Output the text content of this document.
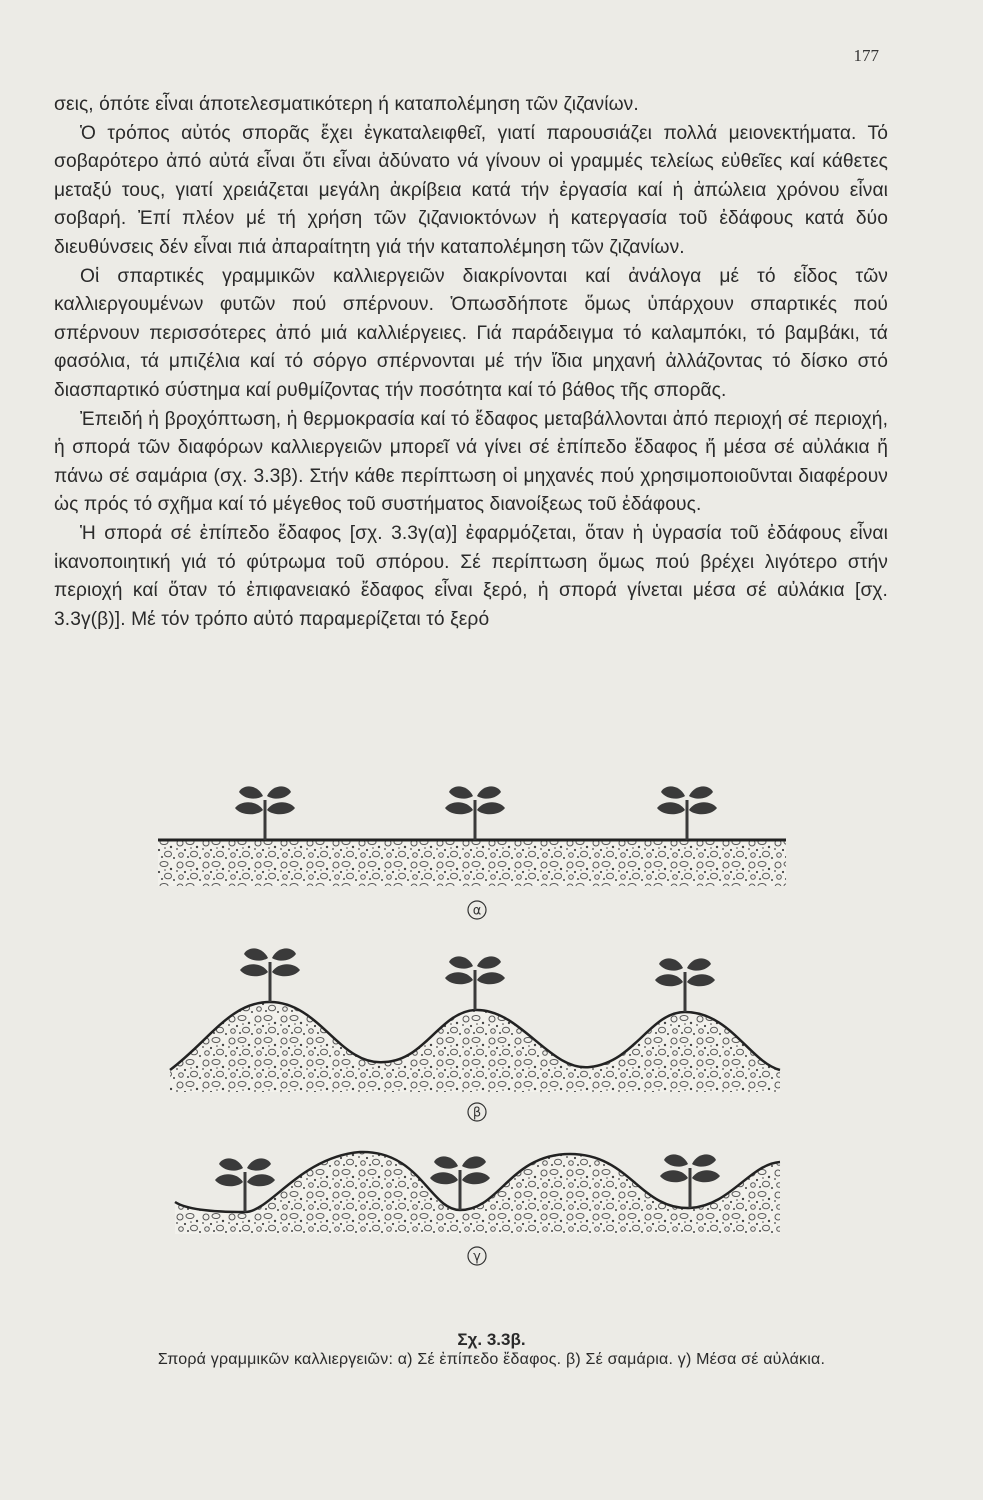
177

σεις, όπότε εἶναι άποτελεσματικότερη ή καταπολέμηση τῶν ζιζανίων.

Ὁ τρόπος αὐτός σπορᾶς ἔχει ἐγκαταλειφθεῖ, γιατί παρουσιάζει πολλά μειονεκτήματα. Τό σοβαρότερο ἀπό αὐτά εἶναι ὅτι εἶναι ἀδύνατο νά γίνουν οἱ γραμμές τελείως εὐθεῖες καί κάθετες μεταξύ τους, γιατί χρειάζεται μεγάλη ἀκρίβεια κατά τήν ἐργασία καί ἡ ἀπώλεια χρόνου εἶναι σοβαρή. Ἐπί πλέον μέ τή χρήση τῶν ζιζανιοκτόνων ἡ κατεργασία τοῦ ἐδάφους κατά δύο διευθύνσεις δέν εἶναι πιά ἀπαραίτητη γιά τήν καταπολέμηση τῶν ζιζανίων.

Οἱ σπαρτικές γραμμικῶν καλλιεργειῶν διακρίνονται καί ἀνάλογα μέ τό εἶδος τῶν καλλιεργουμένων φυτῶν πού σπέρνουν. Ὁπωσδήποτε ὅμως ὑπάρχουν σπαρτικές πού σπέρνουν περισσότερες ἀπό μιά καλλιέργειες. Γιά παράδειγμα τό καλαμπόκι, τό βαμβάκι, τά φασόλια, τά μπιζέλια καί τό σόργο σπέρνονται μέ τήν ἴδια μηχανή ἀλλάζοντας τό δίσκο στό διασπαρτικό σύστημα καί ρυθμίζοντας τήν ποσότητα καί τό βάθος τῆς σπορᾶς.

Ἐπειδή ἡ βροχόπτωση, ἡ θερμοκρασία καί τό ἔδαφος μεταβάλλονται ἀπό περιοχή σέ περιοχή, ἡ σπορά τῶν διαφόρων καλλιεργειῶν μπορεῖ νά γίνει σέ ἐπίπεδο ἔδαφος ἤ μέσα σέ αὐλάκια ἤ πάνω σέ σαμάρια (σχ. 3.3β). Στήν κάθε περίπτωση οἱ μηχανές πού χρησιμοποιοῦνται διαφέρουν ὡς πρός τό σχῆμα καί τό μέγεθος τοῦ συστήματος διανοίξεως τοῦ ἐδάφους.

Ἡ σπορά σέ ἐπίπεδο ἔδαφος [σχ. 3.3γ(α)] ἐφαρμόζεται, ὅταν ἡ ὑγρασία τοῦ ἐδάφους εἶναι ἱκανοποιητική γιά τό φύτρωμα τοῦ σπόρου. Σέ περίπτωση ὅμως πού βρέχει λιγότερο στήν περιοχή καί ὅταν τό ἐπιφανειακό ἔδαφος εἶναι ξερό, ἡ σπορά γίνεται μέσα σέ αὐλάκια [σχ. 3.3γ(β)]. Μέ τόν τρόπο αὐτό παραμερίζεται τό ξερό

α
β
γ
Σχ. 3.3β.
Σπορά γραμμικῶν καλλιεργειῶν: α) Σέ ἐπίπεδο ἔδαφος. β) Σέ σαμάρια. γ) Μέσα σέ αὐλάκια.
